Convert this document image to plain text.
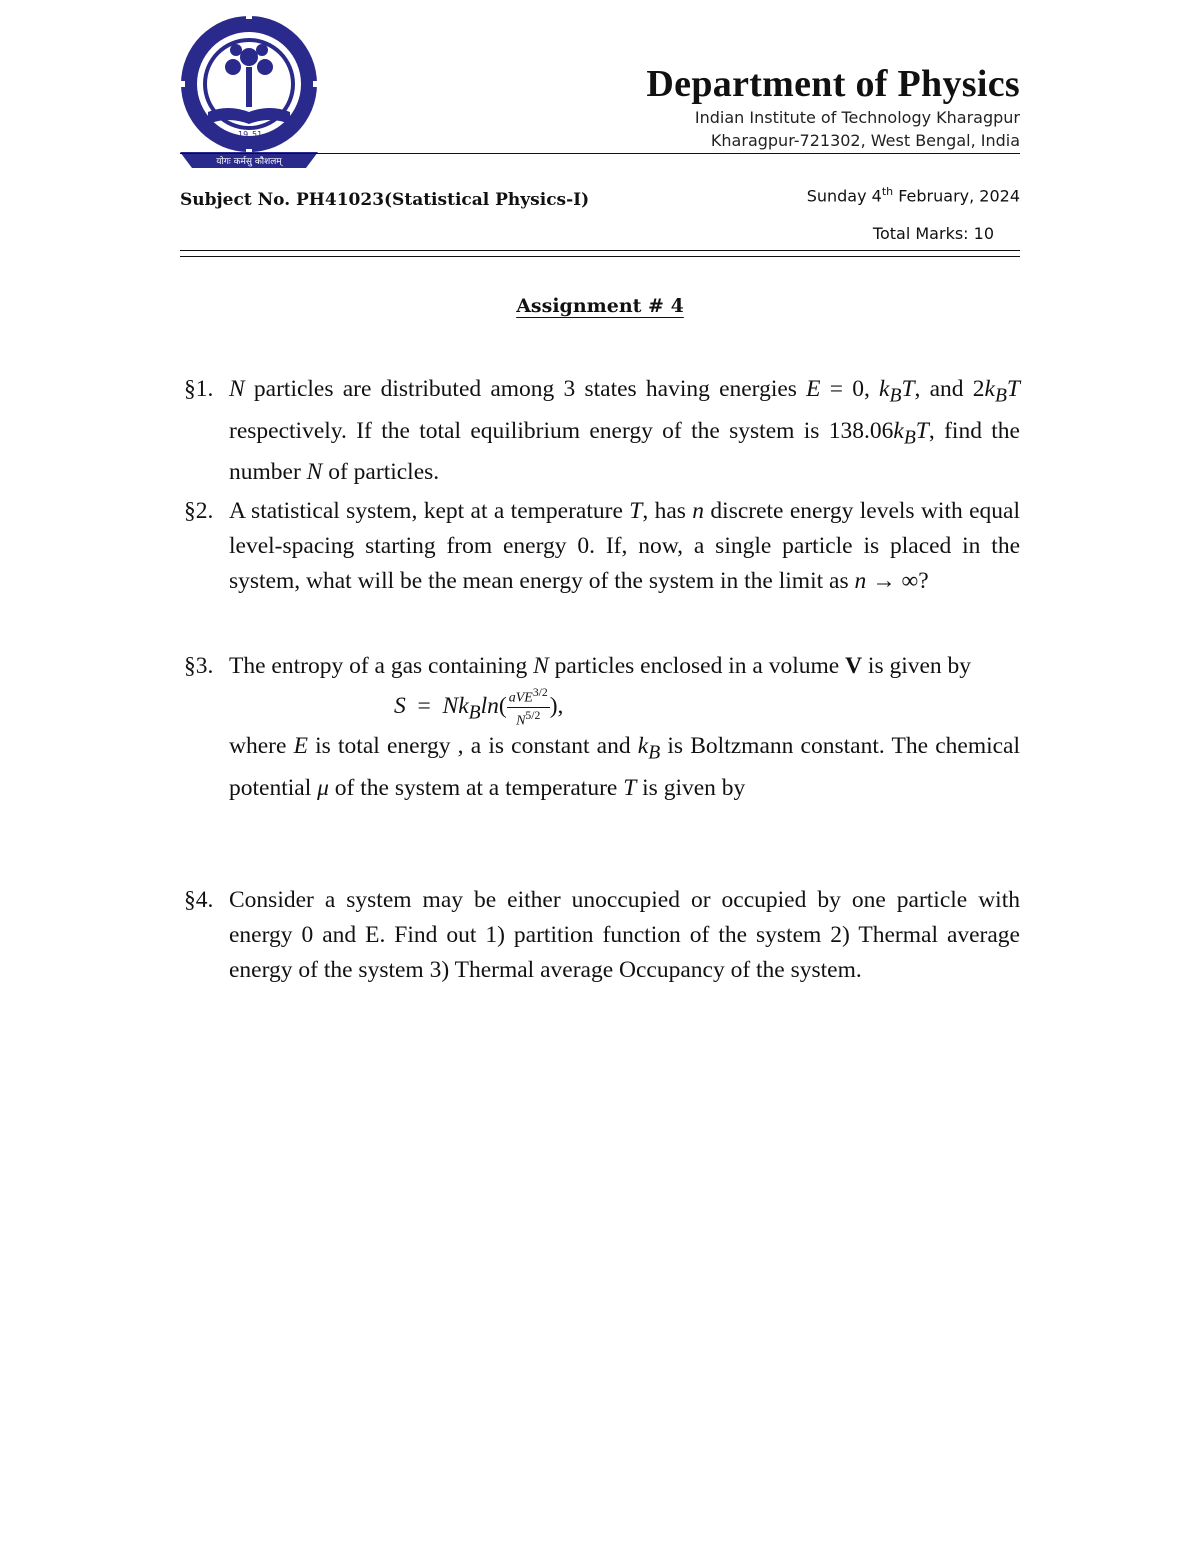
19 51
योगः कर्मसु कौशलम्
Department of Physics
Indian Institute of Technology Kharagpur
Kharagpur-721302, West Bengal, India
Subject No. PH41023(Statistical Physics-I)	Sunday 4th February, 2024
Total Marks: 10
Assignment # 4
§1. N particles are distributed among 3 states having energies E = 0, $k_BT$, and $2k_BT$ respectively. If the total equilibrium energy of the system is $138.06k_BT$, find the number N of particles.
§2. A statistical system, kept at a temperature T, has n discrete energy levels with equal level-spacing starting from energy 0. If, now, a single particle is placed in the system, what will be the mean energy of the system in the limit as n → ∞?
§3. The entropy of a gas containing N particles enclosed in a volume V is given by
$S = Nk_B\ln( \frac{aVE^{3/2}}{N^{5/2}}$ ),
where E is total energy , a is constant and $k_B$ is Boltzmann constant. The chemical potential μ of the system at a temperature T is given by
§4. Consider a system may be either unoccupied or occupied by one particle with energy 0 and E. Find out 1) partition function of the system 2) Thermal average energy of the system 3) Thermal average Occupancy of the system.
